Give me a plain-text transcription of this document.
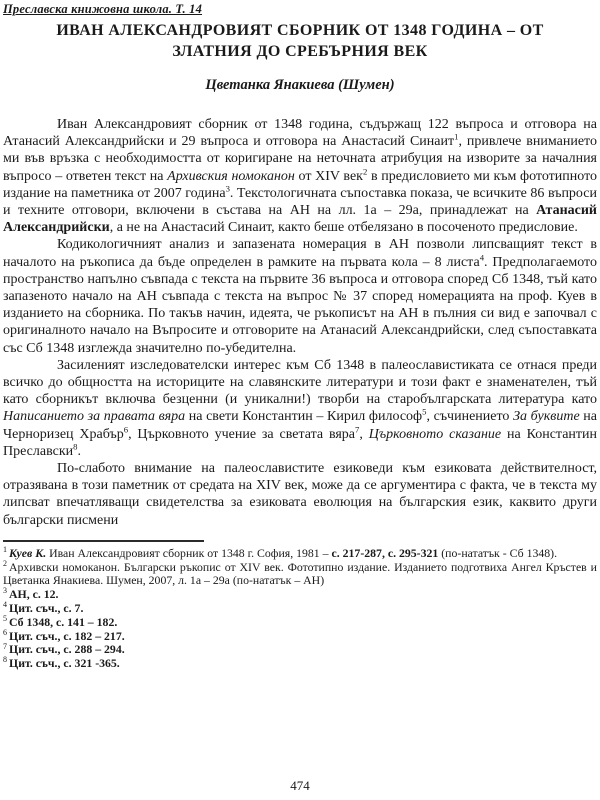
Преславска книжовна школа. Т. 14
ИВАН АЛЕКСАНДРОВИЯТ СБОРНИК ОТ 1348 ГОДИНА – ОТ
ЗЛАТНИЯ ДО СРЕБЪРНИЯ ВЕК
Цветанка Янакиева (Шумен)

Иван Александровият сборник от 1348 година, съдържащ 122 въпроса и отговора на Атанасий Александрийски и 29 въпроса и отговора на Анастасий Синаит$^1$, привлече вниманието ми във връзка с необходимостта от коригиране на неточната атрибуция на изворите за началния въпросо – ответен текст на Архивския номоканон от XIV век$^2$ в предисловието ми към фототипното издание на паметника от 2007 година$^3$. Текстологичната съпоставка показа, че всичките 86 въпроси и техните отговори, включени в състава на АН на лл. 1а – 29а, принадлежат на Атанасий Александрийски, а не на Анастасий Синаит, както беше отбелязано в посоченото предисловие.

Кодикологичният анализ и запазената номерация в АН позволи липсващият текст в началото на ръкописа да бъде определен в рамките на първата кола – 8 листа$^4$. Предполагаемото пространство напълно съвпада с текста на първите 36 въпроса и отговора според Сб 1348, тъй като запазеното начало на АН съвпада с текста на въпрос № 37 според номерацията на проф. Куев в изданието на сборника. По такъв начин, идеята, че ръкописът на АН в пълния си вид е започвал с оригиналното начало на Въпросите и отговорите на Атанасий Александрийски, след съпоставката със Сб 1348 изглежда значително по-убедителна.

Засиленият изследователски интерес към Сб 1348 в палеославистиката се отнася преди всичко до общността на историците на славянските литератури и този факт е знаменателен, тъй като сборникът включва безценни (и уникални!) творби на старобългарската литература като Написанието за правата вяра на свети Константин – Кирил философ$^5$, съчинението За буквите на Черноризец Храбър$^6$, Църковното учение за светата вяра$^7$, Църковното сказание на Константин Преславски$^8$.

По-слабото внимание на палеославистите езиковеди към езиковата действителност, отразявана в този паметник от средата на XIV век, може да се аргументира с факта, че в текста му липсват впечатляващи свидетелства за езиковата еволюция на българския език, каквито други български писмени

$^1$ Куев К. Иван Александровият сборник от 1348 г. София, 1981 – с. 217-287, с. 295-321 (по-нататък - Сб 1348).

$^2$ Архивски номоканон. Български ръкопис от XIV век. Фототипно издание. Изданието подготвиха Ангел Кръстев и Цветанка Янакиева. Шумен, 2007, л. 1а – 29а (по-нататък – АН)

$^3$ АН, с. 12.

$^4$ Цит. съч., с. 7.

$^5$ Сб 1348, с. 141 – 182.

$^6$ Цит. съч., с. 182 – 217.

$^7$ Цит. съч., с. 288 – 294.

$^8$ Цит. съч., с. 321 -365.

474
